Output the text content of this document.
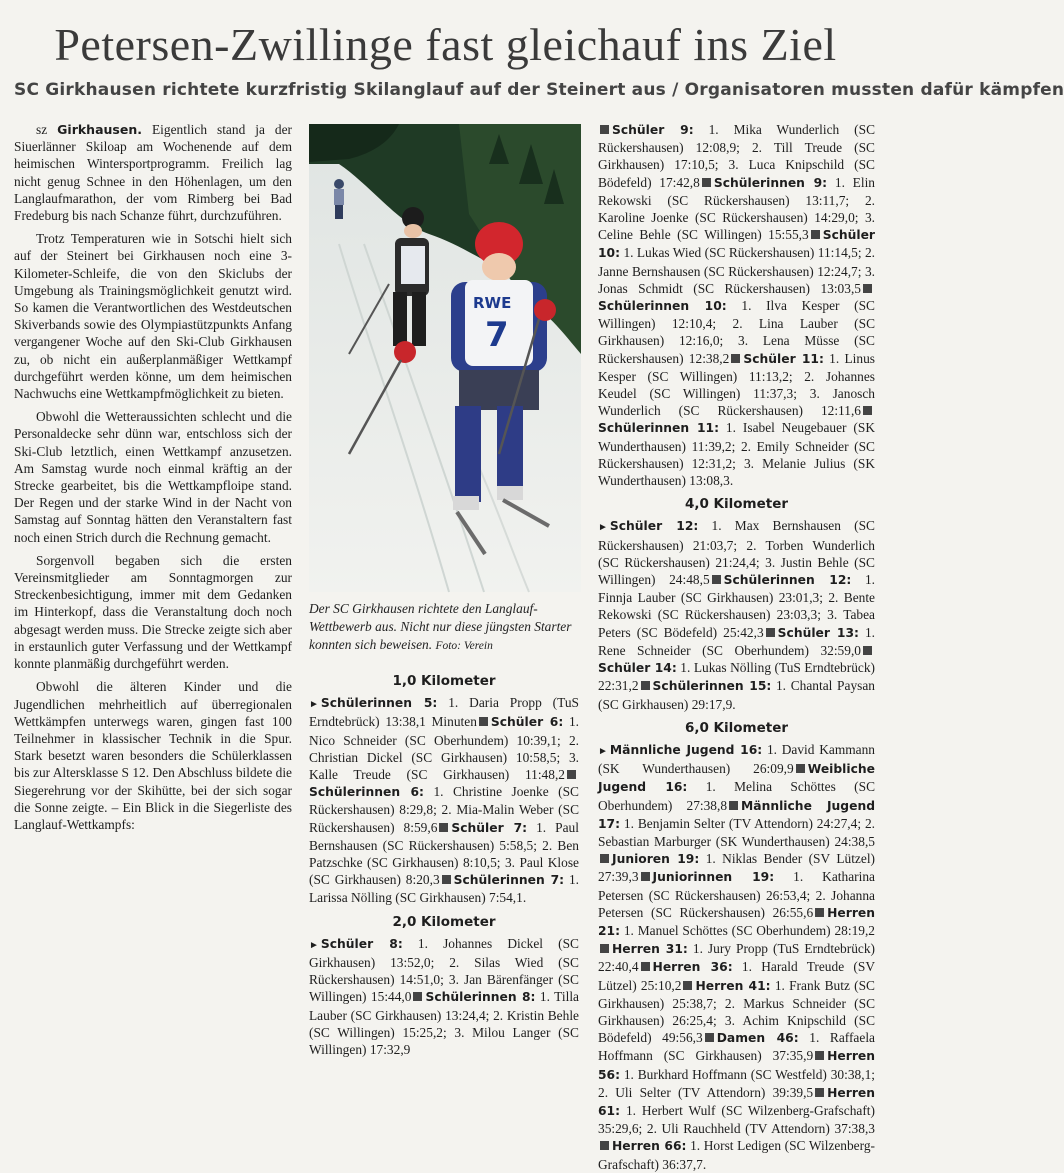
Petersen-Zwillinge fast gleichauf ins Ziel
SC Girkhausen richtete kurzfristig Skilanglauf auf der Steinert aus / Organisatoren mussten dafür kämpfen

sz Girkhausen. Eigentlich stand ja der Siuerlänner Skiloap am Wochenende auf dem heimischen Wintersportprogramm. Freilich lag nicht genug Schnee in den Höhenlagen, um den Langlaufmarathon, der vom Rimberg bei Bad Fredeburg bis nach Schanze führt, durchzuführen.

Trotz Temperaturen wie in Sotschi hielt sich auf der Steinert bei Girkhausen noch eine 3-Kilometer-Schleife, die von den Skiclubs der Umgebung als Trainingsmöglichkeit genutzt wird. So kamen die Verantwortlichen des Westdeutschen Skiverbands sowie des Olympiastützpunkts Anfang vergangener Woche auf den Ski-Club Girkhausen zu, ob nicht ein außerplanmäßiger Wettkampf durchgeführt werden könne, um dem heimischen Nachwuchs eine Wettkampfmöglichkeit zu bieten.

Obwohl die Wetteraussichten schlecht und die Personaldecke sehr dünn war, entschloss sich der Ski-Club letztlich, einen Wettkampf anzusetzen. Am Samstag wurde noch einmal kräftig an der Strecke gearbeitet, bis die Wettkampfloipe stand. Der Regen und der starke Wind in der Nacht von Samstag auf Sonntag hätten den Veranstaltern fast noch einen Strich durch die Rechnung gemacht.

Sorgenvoll begaben sich die ersten Vereinsmitglieder am Sonntagmorgen zur Streckenbesichtigung, immer mit dem Gedanken im Hinterkopf, dass die Veranstaltung doch noch abgesagt werden muss. Die Strecke zeigte sich aber in erstaunlich guter Verfassung und der Wettkampf konnte planmäßig durchgeführt werden.

Obwohl die älteren Kinder und die Jugendlichen mehrheitlich auf überregionalen Wettkämpfen unterwegs waren, gingen fast 100 Teilnehmer in klassischer Technik in die Spur. Stark besetzt waren besonders die Schülerklassen bis zur Altersklasse S 12. Den Abschluss bildete die Siegerehrung vor der Skihütte, bei der sich sogar die Sonne zeigte. – Ein Blick in die Siegerliste des Langlauf-Wettkampfs:

RWE
7
Der SC Girkhausen richtete den Langlauf-Wettbewerb aus. Nicht nur diese jüngsten Starter konnten sich beweisen. Foto: Verein
1,0 Kilometer

► Schülerinnen 5: 1. Daria Propp (TuS Erndtebrück) 13:38,1 Minuten Schüler 6: 1. Nico Schneider (SC Oberhundem) 10:39,1; 2. Christian Dickel (SC Girkhausen) 10:58,5; 3. Kalle Treude (SC Girkhausen) 11:48,2Schülerinnen 6: 1. Christine Joenke (SC Rückershausen) 8:29,8; 2. Mia-Malin Weber (SC Rückershausen) 8:59,6 Schüler 7: 1. Paul Bernshausen (SC Rückershausen) 5:58,5; 2. Ben Patzschke (SC Girkhausen) 8:10,5; 3. Paul Klose (SC Girkhausen) 8:20,3 Schülerinnen 7: 1. Larissa Nölling (SC Girkhausen) 7:54,1.

2,0 Kilometer

► Schüler 8: 1. Johannes Dickel (SC Girkhausen) 13:52,0; 2. Silas Wied (SC Rückershausen) 14:51,0; 3. Jan Bärenfänger (SC Willingen) 15:44,0 Schülerinnen 8: 1. Tilla Lauber (SC Girkhausen) 13:24,4; 2. Kristin Behle (SC Willingen) 15:25,2; 3. Milou Langer (SC Willingen) 17:32,9

Schüler 9: 1. Mika Wunderlich (SC Rückershausen) 12:08,9; 2. Till Treude (SC Girkhausen) 17:10,5; 3. Luca Knipschild (SC Bödefeld) 17:42,8 Schülerinnen 9: 1. Elin Rekowski (SC Rückershausen) 13:11,7; 2. Karoline Joenke (SC Rückershausen) 14:29,0; 3. Celine Behle (SC Willingen) 15:55,3 Schüler 10: 1. Lukas Wied (SC Rückershausen) 11:14,5; 2. Janne Bernshausen (SC Rückershausen) 12:24,7; 3. Jonas Schmidt (SC Rückershausen) 13:03,5Schülerinnen 10: 1. Ilva Kesper (SC Willingen) 12:10,4; 2. Lina Lauber (SC Girkhausen) 12:16,0; 3. Lena Müsse (SC Rückershausen) 12:38,2 Schüler 11: 1. Linus Kesper (SC Willingen) 11:13,2; 2. Johannes Keudel (SC Willingen) 11:37,3; 3. Janosch Wunderlich (SC Rückershausen) 12:11,6Schülerinnen 11: 1. Isabel Neugebauer (SK Wunderthausen) 11:39,2; 2. Emily Schneider (SC Rückershausen) 12:31,2; 3. Melanie Julius (SK Wunderthausen) 13:08,3.

4,0 Kilometer

► Schüler 12: 1. Max Bernshausen (SC Rückershausen) 21:03,7; 2. Torben Wunderlich (SC Rückershausen) 21:24,4; 3. Justin Behle (SC Willingen) 24:48,5 Schülerinnen 12: 1. Finnja Lauber (SC Girkhausen) 23:01,3; 2. Bente Rekowski (SC Rückershausen) 23:03,3; 3. Tabea Peters (SC Bödefeld) 25:42,3 Schüler 13: 1. Rene Schneider (SC Oberhundem) 32:59,0Schüler 14: 1. Lukas Nölling (TuS Erndtebrück) 22:31,2 Schülerinnen 15: 1. Chantal Paysan (SC Girkhausen) 29:17,9.

6,0 Kilometer

► Männliche Jugend 16: 1. David Kammann (SK Wunderthausen) 26:09,9 Weibliche Jugend 16: 1. Melina Schöttes (SC Oberhundem) 27:38,8 Männliche Jugend 17: 1. Benjamin Selter (TV Attendorn) 24:27,4; 2. Sebastian Marburger (SK Wunderthausen) 24:38,5Junioren 19: 1. Niklas Bender (SV Lützel) 27:39,3 Juniorinnen 19: 1. Katharina Petersen (SC Rückershausen) 26:53,4; 2. Johanna Petersen (SC Rückershausen) 26:55,6 Herren 21: 1. Manuel Schöttes (SC Oberhundem) 28:19,2Herren 31: 1. Jury Propp (TuS Erndtebrück) 22:40,4 Herren 36: 1. Harald Treude (SV Lützel) 25:10,2 Herren 41: 1. Frank Butz (SC Girkhausen) 25:38,7; 2. Markus Schneider (SC Girkhausen) 26:25,4; 3. Achim Knipschild (SC Bödefeld) 49:56,3 Damen 46: 1. Raffaela Hoffmann (SC Girkhausen) 37:35,9 Herren 56: 1. Burkhard Hoffmann (SC Westfeld) 30:38,1; 2. Uli Selter (TV Attendorn) 39:39,5 Herren 61: 1. Herbert Wulf (SC Wilzenberg-Grafschaft) 35:29,6; 2. Uli Rauchheld (TV Attendorn) 37:38,3Herren 66: 1. Horst Ledigen (SC Wilzenberg-Grafschaft) 36:37,7.
